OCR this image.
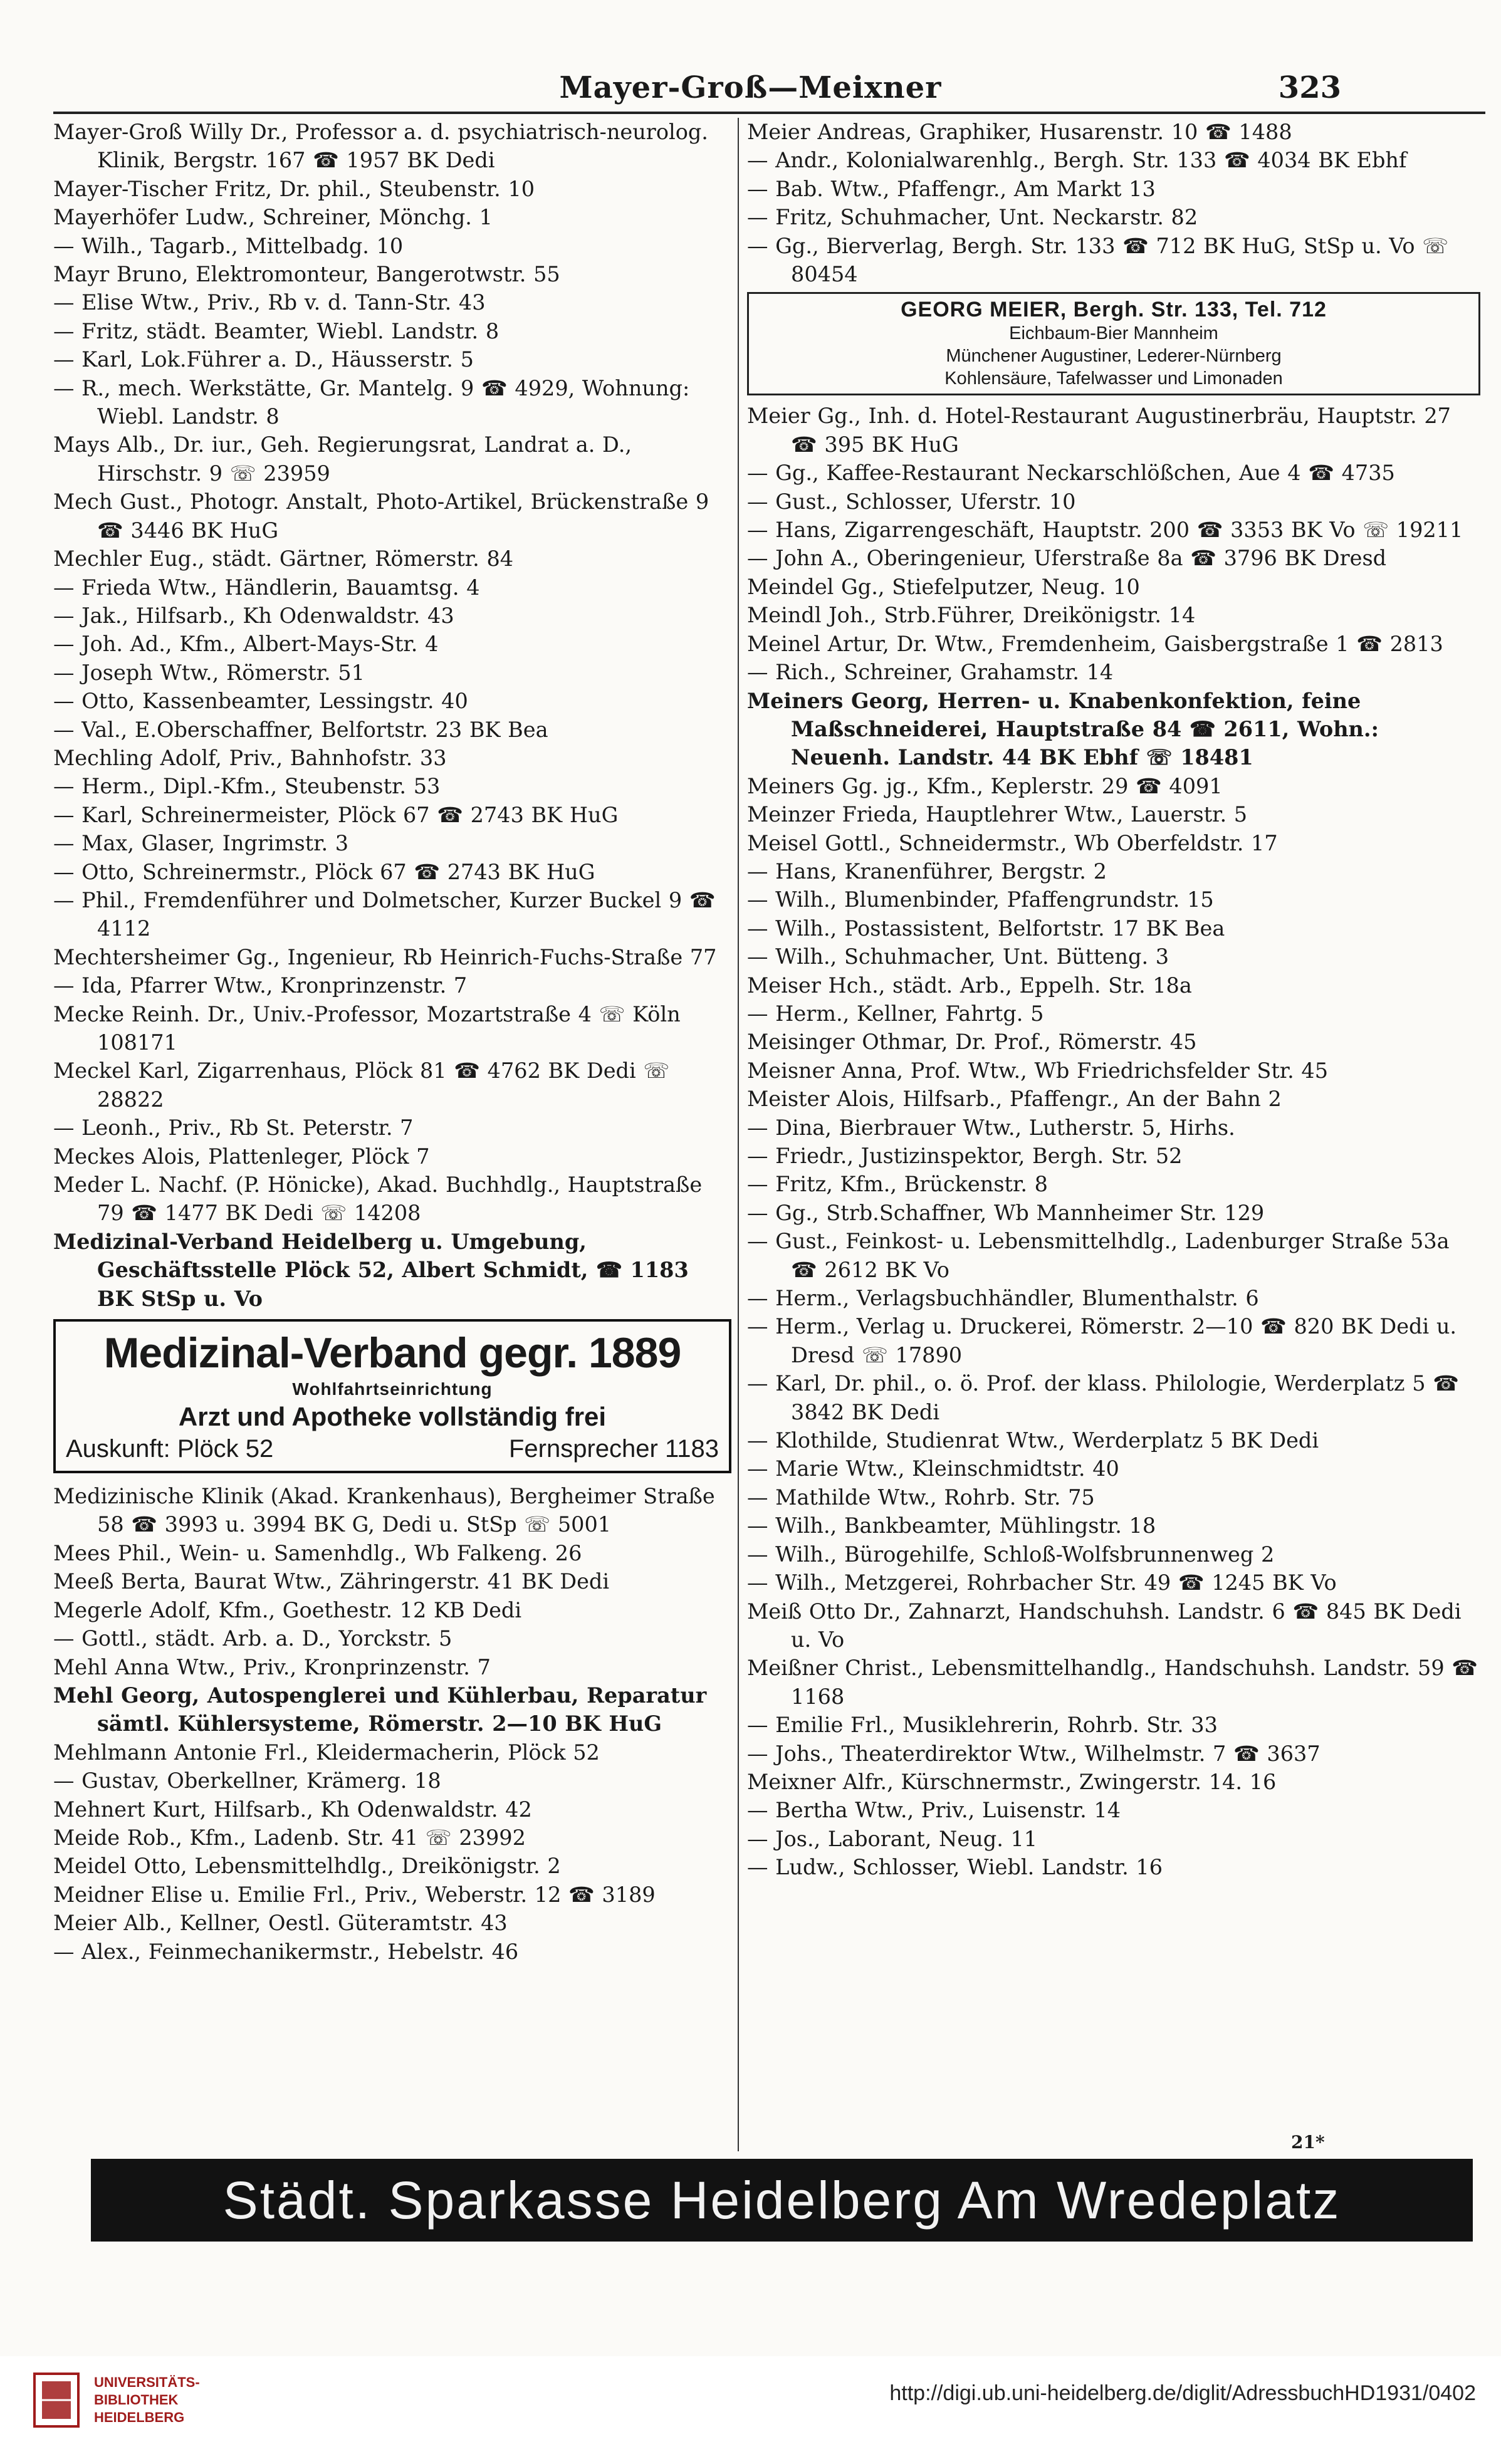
Mayer-Groß—Meixner	323

Mayer-Groß Willy Dr., Professor a. d. psychiatrisch-neurolog. Klinik, Bergstr. 167 ☎ 1957 BK Dedi

Mayer-Tischer Fritz, Dr. phil., Steubenstr. 10

Mayerhöfer Ludw., Schreiner, Mönchg. 1

— Wilh., Tagarb., Mittelbadg. 10

Mayr Bruno, Elektromonteur, Bangerotwstr. 55

— Elise Wtw., Priv., Rb v. d. Tann-Str. 43

— Fritz, städt. Beamter, Wiebl. Landstr. 8

— Karl, Lok.Führer a. D., Häusserstr. 5

— R., mech. Werkstätte, Gr. Mantelg. 9 ☎ 4929, Wohnung: Wiebl. Landstr. 8

Mays Alb., Dr. iur., Geh. Regierungsrat, Landrat a. D., Hirschstr. 9 ☏ 23959

Mech Gust., Photogr. Anstalt, Photo-Artikel, Brückenstraße 9 ☎ 3446 BK HuG

Mechler Eug., städt. Gärtner, Römerstr. 84

— Frieda Wtw., Händlerin, Bauamtsg. 4

— Jak., Hilfsarb., Kh Odenwaldstr. 43

— Joh. Ad., Kfm., Albert-Mays-Str. 4

— Joseph Wtw., Römerstr. 51

— Otto, Kassenbeamter, Lessingstr. 40

— Val., E.Oberschaffner, Belfortstr. 23 BK Bea

Mechling Adolf, Priv., Bahnhofstr. 33

— Herm., Dipl.-Kfm., Steubenstr. 53

— Karl, Schreinermeister, Plöck 67 ☎ 2743 BK HuG

— Max, Glaser, Ingrimstr. 3

— Otto, Schreinermstr., Plöck 67 ☎ 2743 BK HuG

— Phil., Fremdenführer und Dolmetscher, Kurzer Buckel 9 ☎ 4112

Mechtersheimer Gg., Ingenieur, Rb Heinrich-Fuchs-Straße 77

— Ida, Pfarrer Wtw., Kronprinzenstr. 7

Mecke Reinh. Dr., Univ.-Professor, Mozartstraße 4 ☏ Köln 108171

Meckel Karl, Zigarrenhaus, Plöck 81 ☎ 4762 BK Dedi ☏ 28822

— Leonh., Priv., Rb St. Peterstr. 7

Meckes Alois, Plattenleger, Plöck 7

Meder L. Nachf. (P. Hönicke), Akad. Buchhdlg., Hauptstraße 79 ☎ 1477 BK Dedi ☏ 14208

Medizinal-Verband Heidelberg u. Umgebung, Geschäftsstelle Plöck 52, Albert Schmidt, ☎ 1183 BK StSp u. Vo

Medizinal-Verband gegr. 1889
Wohlfahrtseinrichtung
Arzt und Apotheke vollständig frei
Auskunft: Plöck 52	Fernsprecher 1183

Medizinische Klinik (Akad. Krankenhaus), Bergheimer Straße 58 ☎ 3993 u. 3994 BK G, Dedi u. StSp ☏ 5001

Mees Phil., Wein- u. Samenhdlg., Wb Falkeng. 26

Meeß Berta, Baurat Wtw., Zähringerstr. 41 BK Dedi

Megerle Adolf, Kfm., Goethestr. 12 KB Dedi

— Gottl., städt. Arb. a. D., Yorckstr. 5

Mehl Anna Wtw., Priv., Kronprinzenstr. 7

Mehl Georg, Autospenglerei und Kühlerbau, Reparatur sämtl. Kühlersysteme, Römerstr. 2—10 BK HuG

Mehlmann Antonie Frl., Kleidermacherin, Plöck 52

— Gustav, Oberkellner, Krämerg. 18

Mehnert Kurt, Hilfsarb., Kh Odenwaldstr. 42

Meide Rob., Kfm., Ladenb. Str. 41 ☏ 23992

Meidel Otto, Lebensmittelhdlg., Dreikönigstr. 2

Meidner Elise u. Emilie Frl., Priv., Weberstr. 12 ☎ 3189

Meier Alb., Kellner, Oestl. Güteramtstr. 43

— Alex., Feinmechanikermstr., Hebelstr. 46

Meier Andreas, Graphiker, Husarenstr. 10 ☎ 1488

— Andr., Kolonialwarenhlg., Bergh. Str. 133 ☎ 4034 BK Ebhf

— Bab. Wtw., Pfaffengr., Am Markt 13

— Fritz, Schuhmacher, Unt. Neckarstr. 82

— Gg., Bierverlag, Bergh. Str. 133 ☎ 712 BK HuG, StSp u. Vo ☏ 80454

GEORG MEIER, Bergh. Str. 133, Tel. 712
Eichbaum-Bier Mannheim
Münchener Augustiner, Lederer-Nürnberg
Kohlensäure, Tafelwasser und Limonaden

Meier Gg., Inh. d. Hotel-Restaurant Augustinerbräu, Hauptstr. 27 ☎ 395 BK HuG

— Gg., Kaffee-Restaurant Neckarschlößchen, Aue 4 ☎ 4735

— Gust., Schlosser, Uferstr. 10

— Hans, Zigarrengeschäft, Hauptstr. 200 ☎ 3353 BK Vo ☏ 19211

— John A., Oberingenieur, Uferstraße 8a ☎ 3796 BK Dresd

Meindel Gg., Stiefelputzer, Neug. 10

Meindl Joh., Strb.Führer, Dreikönigstr. 14

Meinel Artur, Dr. Wtw., Fremdenheim, Gaisbergstraße 1 ☎ 2813

— Rich., Schreiner, Grahamstr. 14

Meiners Georg, Herren- u. Knabenkonfektion, feine Maßschneiderei, Hauptstraße 84 ☎ 2611, Wohn.: Neuenh. Landstr. 44 BK Ebhf ☏ 18481

Meiners Gg. jg., Kfm., Keplerstr. 29 ☎ 4091

Meinzer Frieda, Hauptlehrer Wtw., Lauerstr. 5

Meisel Gottl., Schneidermstr., Wb Oberfeldstr. 17

— Hans, Kranenführer, Bergstr. 2

— Wilh., Blumenbinder, Pfaffengrundstr. 15

— Wilh., Postassistent, Belfortstr. 17 BK Bea

— Wilh., Schuhmacher, Unt. Bütteng. 3

Meiser Hch., städt. Arb., Eppelh. Str. 18a

— Herm., Kellner, Fahrtg. 5

Meisinger Othmar, Dr. Prof., Römerstr. 45

Meisner Anna, Prof. Wtw., Wb Friedrichsfelder Str. 45

Meister Alois, Hilfsarb., Pfaffengr., An der Bahn 2

— Dina, Bierbrauer Wtw., Lutherstr. 5, Hirhs.

— Friedr., Justizinspektor, Bergh. Str. 52

— Fritz, Kfm., Brückenstr. 8

— Gg., Strb.Schaffner, Wb Mannheimer Str. 129

— Gust., Feinkost- u. Lebensmittelhdlg., Ladenburger Straße 53a ☎ 2612 BK Vo

— Herm., Verlagsbuchhändler, Blumenthalstr. 6

— Herm., Verlag u. Druckerei, Römerstr. 2—10 ☎ 820 BK Dedi u. Dresd ☏ 17890

— Karl, Dr. phil., o. ö. Prof. der klass. Philologie, Werderplatz 5 ☎ 3842 BK Dedi

— Klothilde, Studienrat Wtw., Werderplatz 5 BK Dedi

— Marie Wtw., Kleinschmidtstr. 40

— Mathilde Wtw., Rohrb. Str. 75

— Wilh., Bankbeamter, Mühlingstr. 18

— Wilh., Bürogehilfe, Schloß-Wolfsbrunnenweg 2

— Wilh., Metzgerei, Rohrbacher Str. 49 ☎ 1245 BK Vo

Meiß Otto Dr., Zahnarzt, Handschuhsh. Landstr. 6 ☎ 845 BK Dedi u. Vo

Meißner Christ., Lebensmittelhandlg., Handschuhsh. Landstr. 59 ☎ 1168

— Emilie Frl., Musiklehrerin, Rohrb. Str. 33

— Johs., Theaterdirektor Wtw., Wilhelmstr. 7 ☎ 3637

Meixner Alfr., Kürschnermstr., Zwingerstr. 14. 16

— Bertha Wtw., Priv., Luisenstr. 14

— Jos., Laborant, Neug. 11

— Ludw., Schlosser, Wiebl. Landstr. 16

21*
Städt. Sparkasse Heidelberg Am Wredeplatz
UNIVERSITÄTS-
BIBLIOTHEK
HEIDELBERG
http://digi.ub.uni-heidelberg.de/diglit/AdressbuchHD1931/0402
